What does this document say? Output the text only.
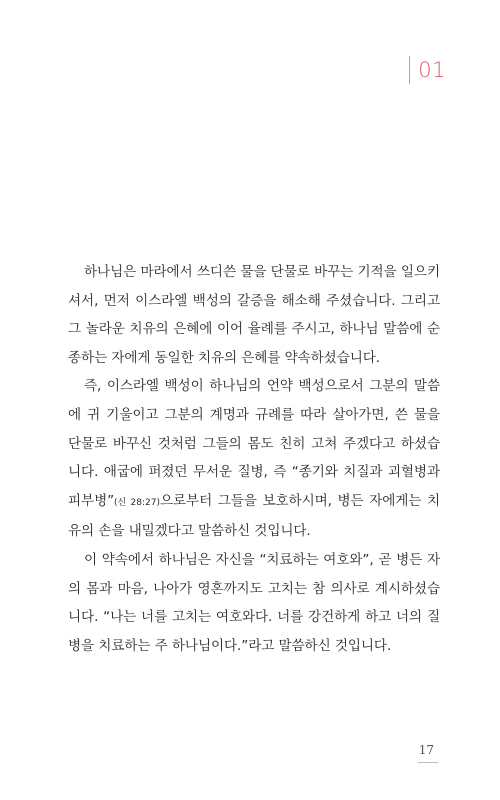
01

하나님은 마라에서 쓰디쓴 물을 단물로 바꾸는 기적을 일으키셔서, 먼저 이스라엘 백성의 갈증을 해소해 주셨습니다. 그리고 그 놀라운 치유의 은혜에 이어 율례를 주시고, 하나님 말씀에 순종하는 자에게 동일한 치유의 은혜를 약속하셨습니다.

즉, 이스라엘 백성이 하나님의 언약 백성으로서 그분의 말씀에 귀 기울이고 그분의 계명과 규례를 따라 살아가면, 쓴 물을 단물로 바꾸신 것처럼 그들의 몸도 친히 고쳐 주겠다고 하셨습니다. 애굽에 퍼졌던 무서운 질병, 즉 “종기와 치질과 괴혈병과 피부병”(신 28:27)으로부터 그들을 보호하시며, 병든 자에게는 치유의 손을 내밀겠다고 말씀하신 것입니다.

이 약속에서 하나님은 자신을 “치료하는 여호와”, 곧 병든 자의 몸과 마음, 나아가 영혼까지도 고치는 참 의사로 계시하셨습니다. “나는 너를 고치는 여호와다. 너를 강건하게 하고 너의 질병을 치료하는 주 하나님이다.”라고 말씀하신 것입니다.

17
